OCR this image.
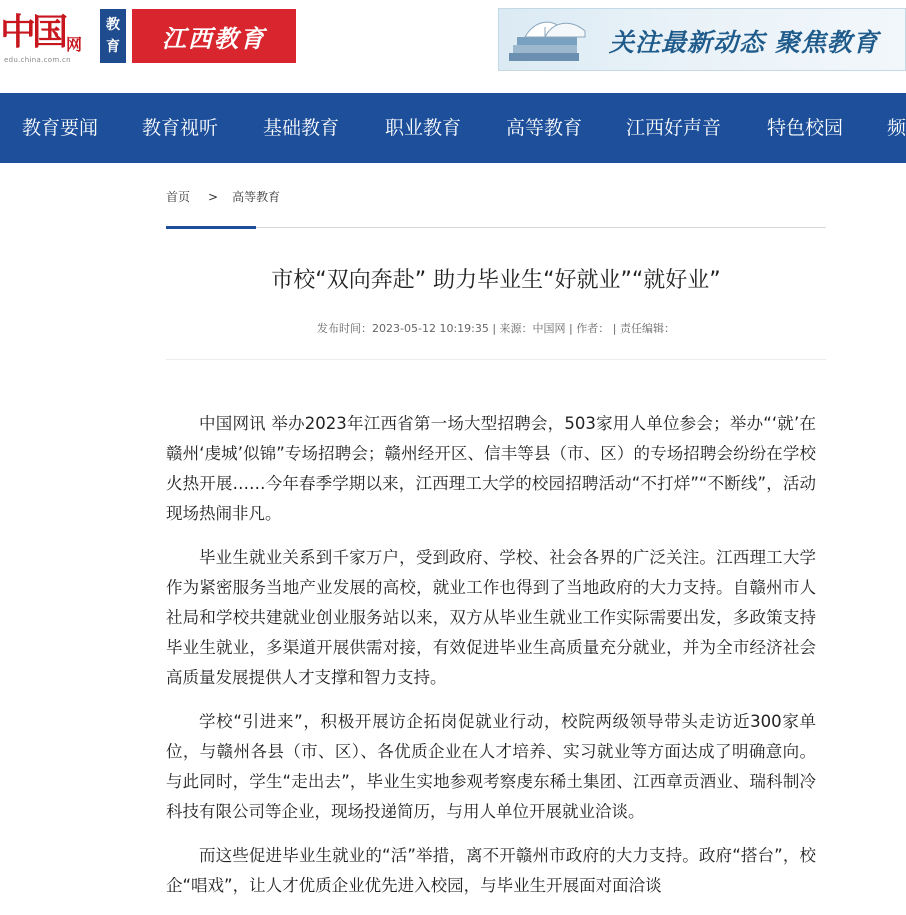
中国 网
edu.china.com.cn
教
育	江西教育	关注最新动态 聚焦教育
教育要闻 教育视听 基础教育 职业教育 高等教育 江西好声音 特色校园 频
首页 > 高等教育
市校“双向奔赴” 助力毕业生“好就业”“就好业”
发布时间：2023-05-12 10:19:35 | 来源：中国网 | 作者： | 责任编辑：

中国网讯 举办2023年江西省第一场大型招聘会，503家用人单位参会；举办“‘就’在赣州‘虔城’似锦”专场招聘会；赣州经开区、信丰等县（市、区）的专场招聘会纷纷在学校火热开展……今年春季学期以来，江西理工大学的校园招聘活动“不打烊”“不断线”，活动现场热闹非凡。

毕业生就业关系到千家万户，受到政府、学校、社会各界的广泛关注。江西理工大学作为紧密服务当地产业发展的高校，就业工作也得到了当地政府的大力支持。自赣州市人社局和学校共建就业创业服务站以来，双方从毕业生就业工作实际需要出发，多政策支持毕业生就业，多渠道开展供需对接，有效促进毕业生高质量充分就业，并为全市经济社会高质量发展提供人才支撑和智力支持。

学校“引进来”，积极开展访企拓岗促就业行动，校院两级领导带头走访近300家单位，与赣州各县（市、区）、各优质企业在人才培养、实习就业等方面达成了明确意向。与此同时，学生“走出去”，毕业生实地参观考察虔东稀土集团、江西章贡酒业、瑞科制冷科技有限公司等企业，现场投递简历，与用人单位开展就业洽谈。

而这些促进毕业生就业的“活”举措，离不开赣州市政府的大力支持。政府“搭台”，校企“唱戏”，让人才优质企业优先进入校园，与毕业生开展面对面洽谈
